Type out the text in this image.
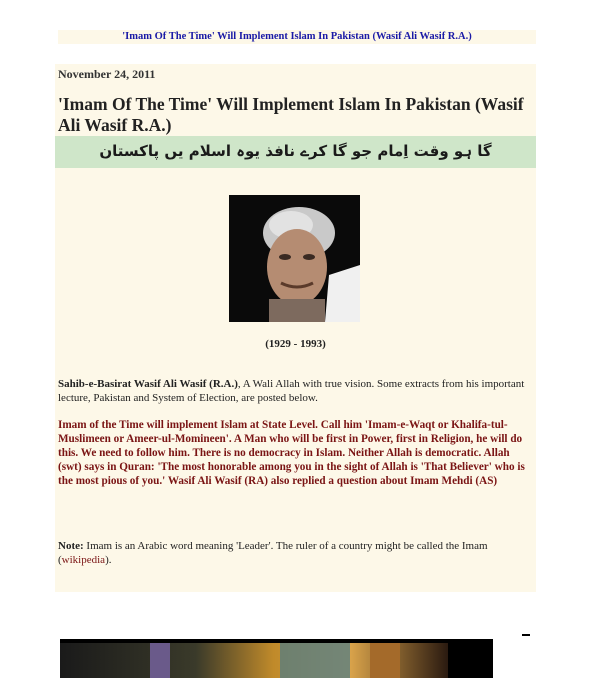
'Imam Of The Time' Will Implement Islam In Pakistan (Wasif Ali Wasif R.A.)
November 24, 2011
'Imam Of The Time' Will Implement Islam In Pakistan (Wasif Ali Wasif R.A.)
گا ہو وقت اِمام جو گا کرے نافذ یوہ اسلام یں پاکستان
(1929 - 1993)
Sahib-e-Basirat Wasif Ali Wasif (R.A.), A Wali Allah with true vision. Some extracts from his important lecture, Pakistan and System of Election, are posted below.
Imam of the Time will implement Islam at State Level. Call him 'Imam-e-Waqt or Khalifa-tul-Muslimeen or Ameer-ul-Momineen'. A Man who will be first in Power, first in Religion, he will do this. We need to follow him. There is no democracy in Islam. Neither Allah is democratic. Allah (swt) says in Quran: 'The most honorable among you in the sight of Allah is 'That Believer' who is the most pious of you.' Wasif Ali Wasif (RA) also replied a question about Imam Mehdi (AS)
Note: Imam is an Arabic word meaning 'Leader'. The ruler of a country might be called the Imam (wikipedia).
